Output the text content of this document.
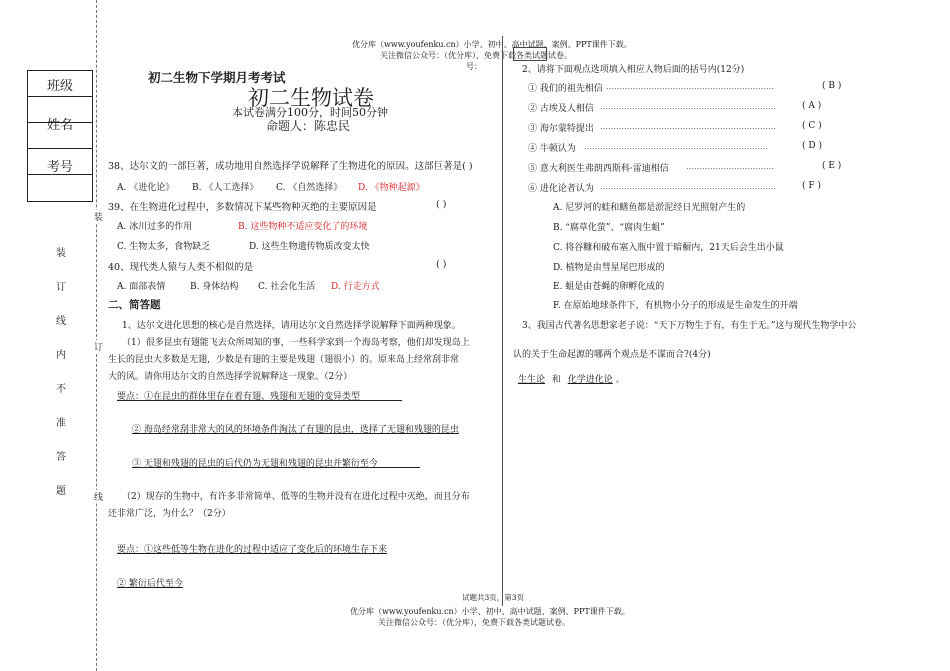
优分库（www.youfenku.cn）小学、初中、高中试题、案例、PPT课件下载。
关注微信公众号：（优分库），免费下载各类试题试卷。
号：
班级
姓名
考号
装
订
线
内
不
准
答
题
装
订
线
初二生物下学期月考考试
初二生物试卷
本试卷满分100分，时间50分钟
命题人：陈忠民
38、达尔文的一部巨著，成功地用自然选择学说解释了生物进化的原因。这部巨著是( )
A. 《进化论》 B. 《人工选择》 C. 《自然选择》 D. 《物种起源》
39、在生物进化过程中，多数情况下某些物种灭绝的主要原因是	( )
A. 冰川过多的作用	B. 这些物种不适应变化了的环境
C. 生物太多，食物缺乏	D. 这些生物遗传物质改变太快
40、现代类人猿与人类不相似的是	( )
A. 面部表情	B. 身体结构 C. 社会化生活 D. 行走方式
二、简答题
1、达尔文进化思想的核心是自然选择，请用达尔文自然选择学说解释下面两种现象。
（1）很多昆虫有翅能飞去众所周知的事，一些科学家到一个海岛考察，他们却发现岛上
生长的昆虫大多数是无翅，少数是有翅的主要是残翅（翅很小）的。原来岛上经常刮非常
大的风。请你用达尔文的自然选择学说解释这一现象。（2分）
要点：①在昆虫的群体里存在着有翅、残翅和无翅的变异类型
② 海岛经常刮非常大的风的环境条件淘汰了有翅的昆虫，选择了无翅和残翅的昆虫
③ 无翅和残翅的昆虫的后代仍为无翅和残翅的昆虫并繁衍至今
（2）现存的生物中，有许多非常简单、低等的生物并没有在进化过程中灭绝，而且分布
还非常广泛，为什么？（2分）
要点：①这些低等生物在进化的过程中适应了变化后的环境生存下来
② 繁衍后代至今
2、请将下面观点选项填入相应人物后面的括号内(12分)
① 我们的祖先相信 ………………………………………………………	( B )
② 古埃及人相信 …………………………………………………………	( A )
③ 海尔蒙特提出 …………………………………………………………	( C )
④ 牛顿认为 ……………………………………………………………	( D )
⑤ 意大利医生弗朗西斯科·雷迪相信 ……………………………	( E )
⑥ 进化论者认为 …………………………………………………………	( F )
A. 尼罗河的蛙和鳝鱼都是淤泥经日光照射产生的
B. “腐草化萤”、“腐肉生蛆”
C. 将谷糠和破布塞入瓶中置于暗橱内，21天后会生出小鼠
D. 植物是由彗星尾巴形成的
E. 蛆是由苍蝇的卵孵化成的
F. 在原始地球条件下，有机物小分子的形成是生命发生的开端
3、我国古代著名思想家老子说：“天下万物生于有，有生于无。”这与现代生物学中公
认的关于生命起源的哪两个观点是不谋而合?(4分)
生生论 和 化学进化论 。
试题共3页，第3页
优分库（www.youfenku.cn）小学、初中、高中试题、案例、PPT课件下载。
关注微信公众号：（优分库），免费下载各类试题试卷。
